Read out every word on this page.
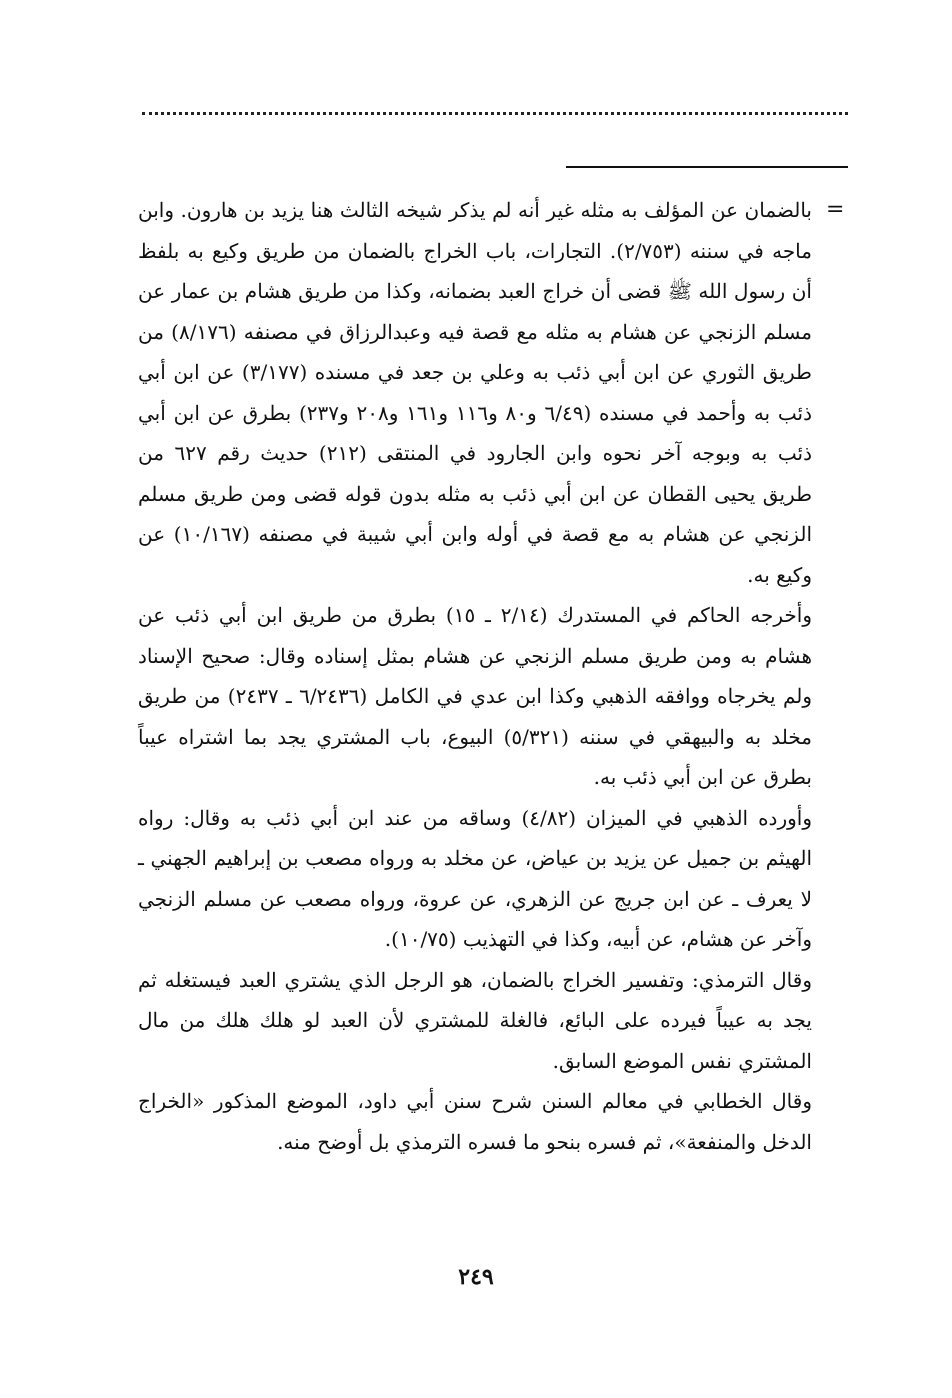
=

بالضمان عن المؤلف به مثله غير أنه لم يذكر شيخه الثالث هنا يزيد بن هارون. وابن ماجه في سننه (٢/٧٥٣). التجارات، باب الخراج بالضمان من طريق وكيع به بلفظ أن رسول الله ﷺ قضى أن خراج العبد بضمانه، وكذا من طريق هشام بن عمار عن مسلم الزنجي عن هشام به مثله مع قصة فيه وعبدالرزاق في مصنفه (٨/١٧٦) من طريق الثوري عن ابن أبي ذئب به وعلي بن جعد في مسنده (٣/١٧٧) عن ابن أبي ذئب به وأحمد في مسنده (٦/٤٩ و٨٠ و١١٦ و١٦١ و٢٠٨ و٢٣٧) بطرق عن ابن أبي ذئب به وبوجه آخر نحوه وابن الجارود في المنتقى (٢١٢) حديث رقم ٦٢٧ من طريق يحيى القطان عن ابن أبي ذئب به مثله بدون قوله قضى ومن طريق مسلم الزنجي عن هشام به مع قصة في أوله وابن أبي شيبة في مصنفه (١٠/١٦٧) عن وكيع به.

وأخرجه الحاكم في المستدرك (٢/١٤ ـ ١٥) بطرق من طريق ابن أبي ذئب عن هشام به ومن طريق مسلم الزنجي عن هشام بمثل إسناده وقال: صحيح الإسناد ولم يخرجاه ووافقه الذهبي وكذا ابن عدي في الكامل (٦/٢٤٣٦ ـ ٢٤٣٧) من طريق مخلد به والبيهقي في سننه (٥/٣٢١) البيوع، باب المشتري يجد بما اشتراه عيباً بطرق عن ابن أبي ذئب به.

وأورده الذهبي في الميزان (٤/٨٢) وساقه من عند ابن أبي ذئب به وقال: رواه الهيثم بن جميل عن يزيد بن عياض، عن مخلد به ورواه مصعب بن إبراهيم الجهني ـ لا يعرف ـ عن ابن جريج عن الزهري، عن عروة، ورواه مصعب عن مسلم الزنجي وآخر عن هشام، عن أبيه، وكذا في التهذيب (١٠/٧٥).

وقال الترمذي: وتفسير الخراج بالضمان، هو الرجل الذي يشتري العبد فيستغله ثم يجد به عيباً فيرده على البائع، فالغلة للمشتري لأن العبد لو هلك هلك من مال المشتري نفس الموضع السابق.

وقال الخطابي في معالم السنن شرح سنن أبي داود، الموضع المذكور «الخراج الدخل والمنفعة»، ثم فسره بنحو ما فسره الترمذي بل أوضح منه.

٢٤٩
